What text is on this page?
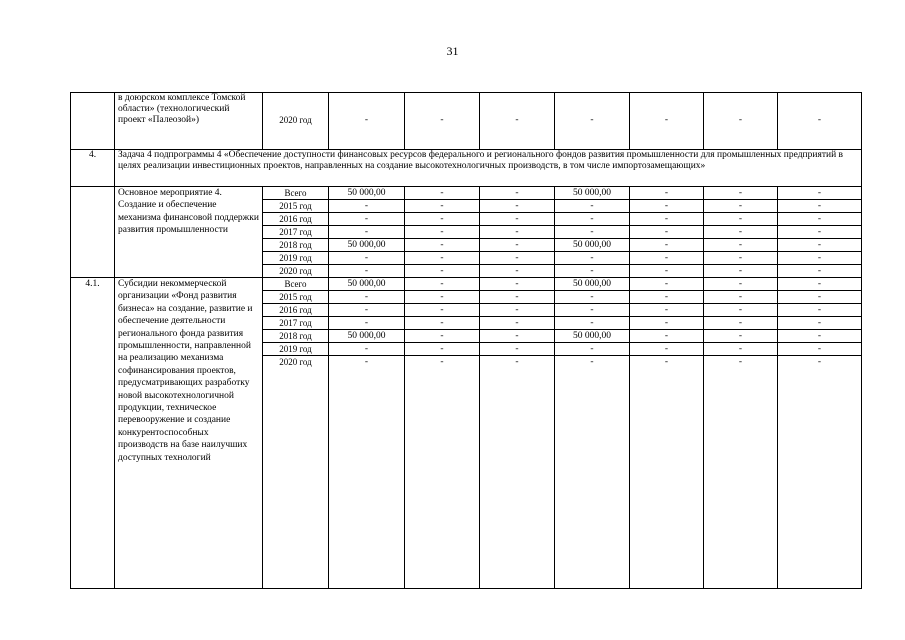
31
	в доюрском комплексе Томской области» (технологический проект «Палеозой»)	2020 год	-	-	-	-	-	-	-
4.	Задача 4 подпрограммы 4 «Обеспечение доступности финансовых ресурсов федерального и регионального фондов развития промышленности для промышленных предприятий в целях реализации инвестиционных проектов, направленных на создание высокотехнологичных производств, в том числе импортозамещающих»								
	Основное мероприятие 4. Создание и обеспечение механизма финансовой поддержки развития промышленности	Всего	50 000,00	-	-	50 000,00	-	-	-
		2015 год	-	-	-	-	-	-	-
		2016 год	-	-	-	-	-	-	-
		2017 год	-	-	-	-	-	-	-
		2018 год	50 000,00	-	-	50 000,00	-	-	-
		2019 год	-	-	-	-	-	-	-
		2020 год	-	-	-	-	-	-	-
4.1.	Субсидии некоммерческой организации «Фонд развития бизнеса» на создание, развитие и обеспечение деятельности регионального фонда развития промышленности, направленной на реализацию механизма софинансирования проектов, предусматривающих разработку новой высокотехнологичной продукции, техническое перевооружение и создание конкурентоспособных производств на базе наилучших доступных технологий	Всего	50 000,00	-	-	50 000,00	-	-	-
		2015 год	-	-	-	-	-	-	-
		2016 год	-	-	-	-	-	-	-
		2017 год	-	-	-	-	-	-	-
		2018 год	50 000,00	-	-	50 000,00	-	-	-
		2019 год	-	-	-	-	-	-	-
		2020 год	-	-	-	-	-	-	-
